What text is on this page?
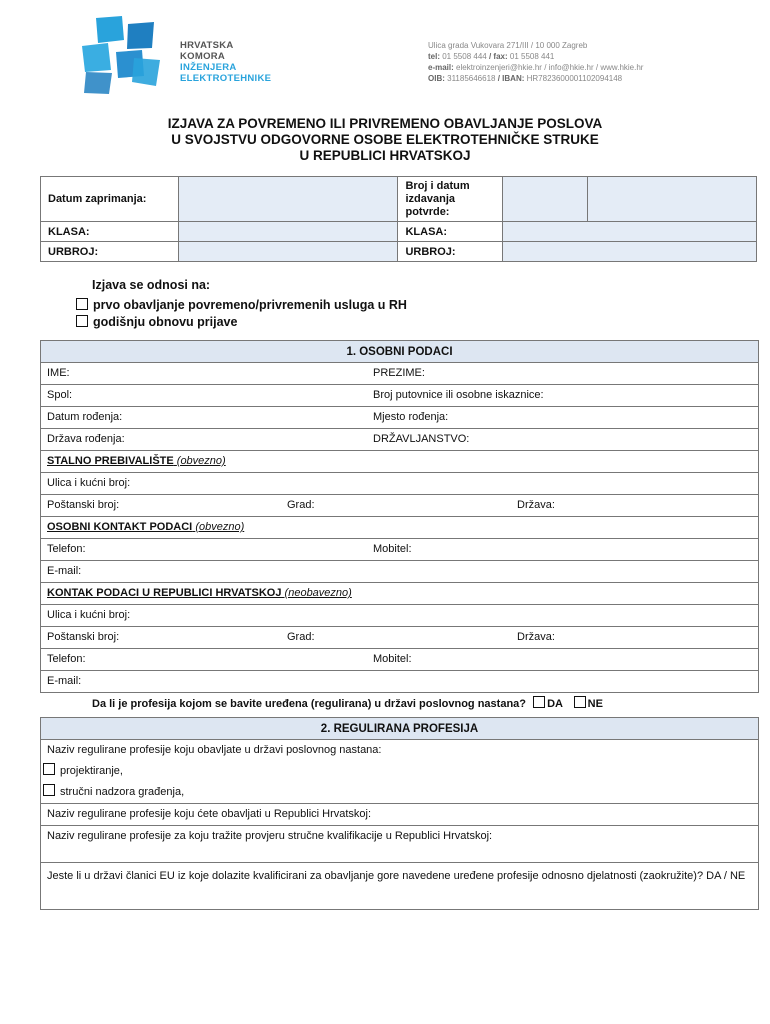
HRVATSKA
KOMORA
INŽENJERA
ELEKTROTEHNIKE
Ulica grada Vukovara 271/III / 10 000 Zagreb
tel: 01 5508 444 / fax: 01 5508 441
e-mail: elektroinzenjeri@hkie.hr / info@hkie.hr / www.hkie.hr
OIB: 31185646618 / IBAN: HR7823600001102094148
IZJAVA ZA POVREMENO ILI PRIVREMENO OBAVLJANJE POSLOVA
U SVOJSTVU ODGOVORNE OSOBE ELEKTROTEHNIČKE STRUKE
U REPUBLICI HRVATSKOJ
Datum zaprimanja:		Broj i datum izdavanja potvrde:		
KLASA:		KLASA:		
URBROJ:		URBROJ:		
Izjava se odnosi na:
prvo obavljanje povremeno/privremenih usluga u RH
godišnju obnovu prijave
1. OSOBNI PODACI
IME:	PREZIME:
Spol:	Broj putovnice ili osobne iskaznice:
Datum rođenja:	Mjesto rođenja:
Država rođenja:	DRŽAVLJANSTVO:
STALNO PREBIVALIŠTE (obvezno)
Ulica i kućni broj:
Poštanski broj:	Grad:	Država:
OSOBNI KONTAKT PODACI (obvezno)
Telefon:	Mobitel:
E-mail:
KONTAK PODACI U REPUBLICI HRVATSKOJ (neobavezno)
Ulica i kućni broj:
Poštanski broj:	Grad:	Država:
Telefon:	Mobitel:
E-mail:
Da li je profesija kojom se bavite uređena (regulirana) u državi poslovnog nastana? DA NE
2. REGULIRANA PROFESIJA
Naziv regulirane profesije koju obavljate u državi poslovnog nastana:
projektiranje,
stručni nadzora građenja,
Naziv regulirane profesije koju ćete obavljati u Republici Hrvatskoj:
Naziv regulirane profesije za koju tražite provjeru stručne kvalifikacije u Republici Hrvatskoj:
Jeste li u državi članici EU iz koje dolazite kvalificirani za obavljanje gore navedene uređene profesije odnosno djelatnosti (zaokružite)? DA / NE
